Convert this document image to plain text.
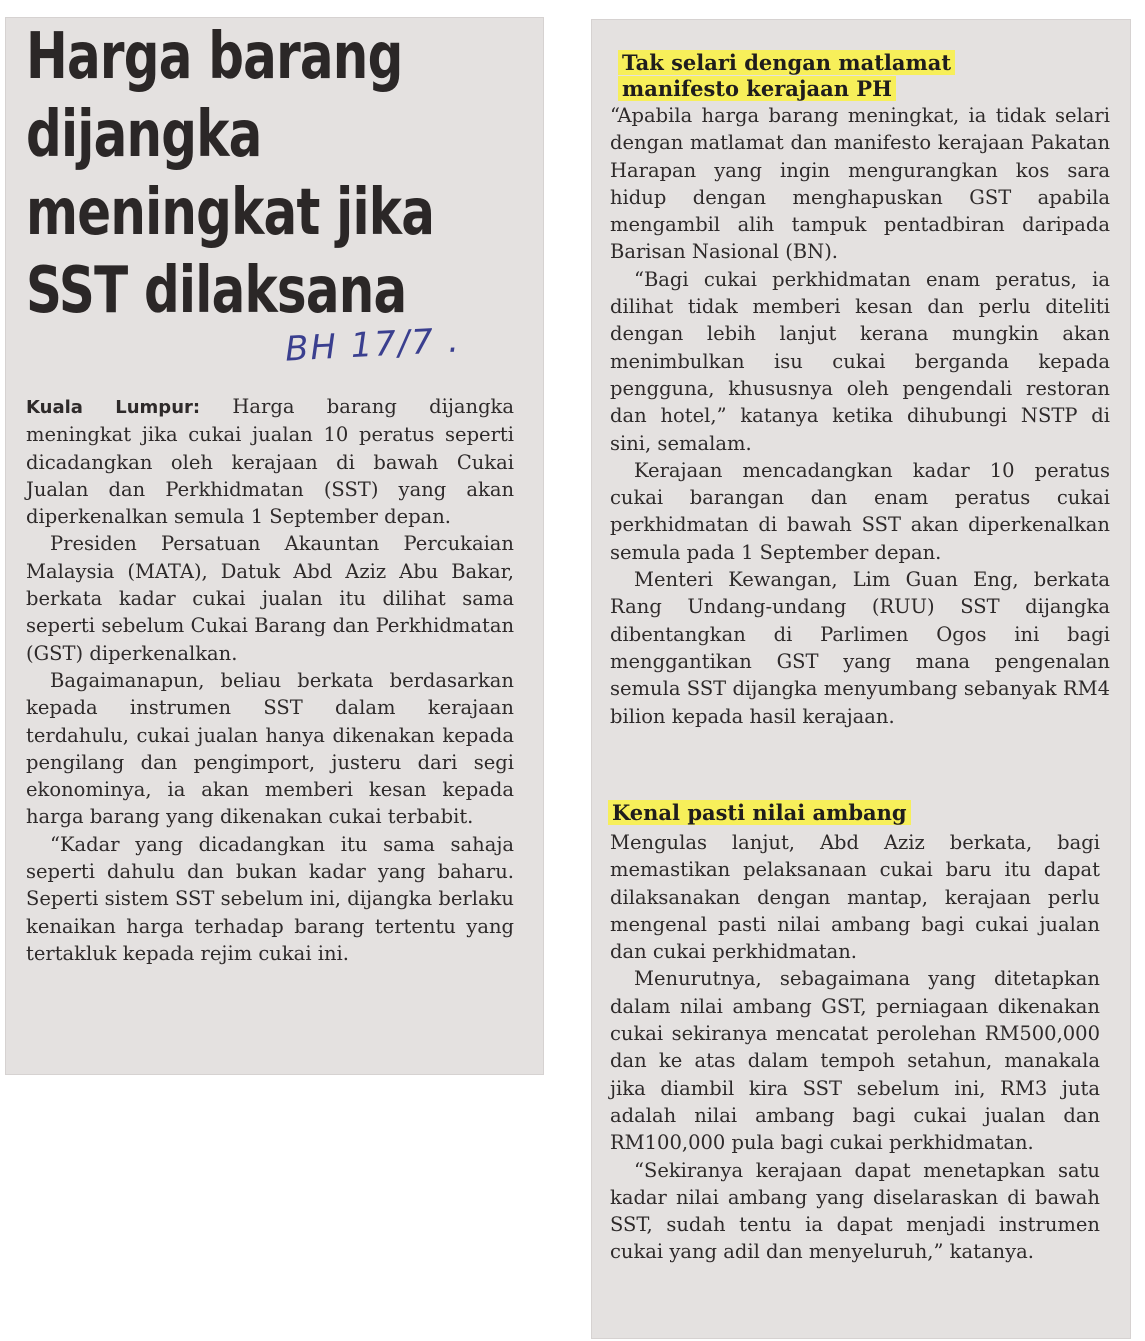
Harga barang
dijangka
meningkat jika
SST dilaksana
BH 17/7 .

Kuala Lumpur: Harga barang dijangka meningkat jika cukai jualan 10 peratus seperti dicadangkan oleh kerajaan di bawah Cukai Jualan dan Perkhidmatan (SST) yang akan diperkenalkan semula 1 September depan.

Presiden Persatuan Akauntan Percukaian Malaysia (MATA), Datuk Abd Aziz Abu Bakar, berkata kadar cukai jualan itu dilihat sama seperti sebelum Cukai Barang dan Perkhidmatan (GST) diperkenalkan.

Bagaimanapun, beliau berkata berdasarkan kepada instrumen SST dalam kerajaan terdahulu, cukai jualan hanya dikenakan kepada pengilang dan pengimport, justeru dari segi ekonominya, ia akan memberi kesan kepada harga barang yang dikenakan cukai terbabit.

“Kadar yang dicadangkan itu sama sahaja seperti dahulu dan bukan kadar yang baharu. Seperti sistem SST sebelum ini, dijangka berlaku kenaikan harga terhadap barang tertentu yang tertakluk kepada rejim cukai ini.

Tak selari dengan matlamat manifesto kerajaan PH

“Apabila harga barang meningkat, ia tidak selari dengan matlamat dan manifesto kerajaan Pakatan Harapan yang ingin mengurangkan kos sara hidup dengan menghapuskan GST apabila mengambil alih tampuk pentadbiran daripada Barisan Nasional (BN).

“Bagi cukai perkhidmatan enam peratus, ia dilihat tidak memberi kesan dan perlu diteliti dengan lebih lanjut kerana mungkin akan menimbulkan isu cukai berganda kepada pengguna, khususnya oleh pengendali restoran dan hotel,” katanya ketika dihubungi NSTP di sini, semalam.

Kerajaan mencadangkan kadar 10 peratus cukai barangan dan enam peratus cukai perkhidmatan di bawah SST akan diperkenalkan semula pada 1 September depan.

Menteri Kewangan, Lim Guan Eng, berkata Rang Undang-undang (RUU) SST dijangka dibentangkan di Parlimen Ogos ini bagi menggantikan GST yang mana pengenalan semula SST dijangka menyumbang sebanyak RM4 bilion kepada hasil kerajaan.

Kenal pasti nilai ambang

Mengulas lanjut, Abd Aziz berkata, bagi memastikan pelaksanaan cukai baru itu dapat dilaksanakan dengan mantap, kerajaan perlu mengenal pasti nilai ambang bagi cukai jualan dan cukai perkhidmatan.

Menurutnya, sebagaimana yang ditetapkan dalam nilai ambang GST, perniagaan dikenakan cukai sekiranya mencatat perolehan RM500,000 dan ke atas dalam tempoh setahun, manakala jika diambil kira SST sebelum ini, RM3 juta adalah nilai ambang bagi cukai jualan dan RM100,000 pula bagi cukai perkhidmatan.

“Sekiranya kerajaan dapat menetapkan satu kadar nilai ambang yang diselaraskan di bawah SST, sudah tentu ia dapat menjadi instrumen cukai yang adil dan menyeluruh,” katanya.
